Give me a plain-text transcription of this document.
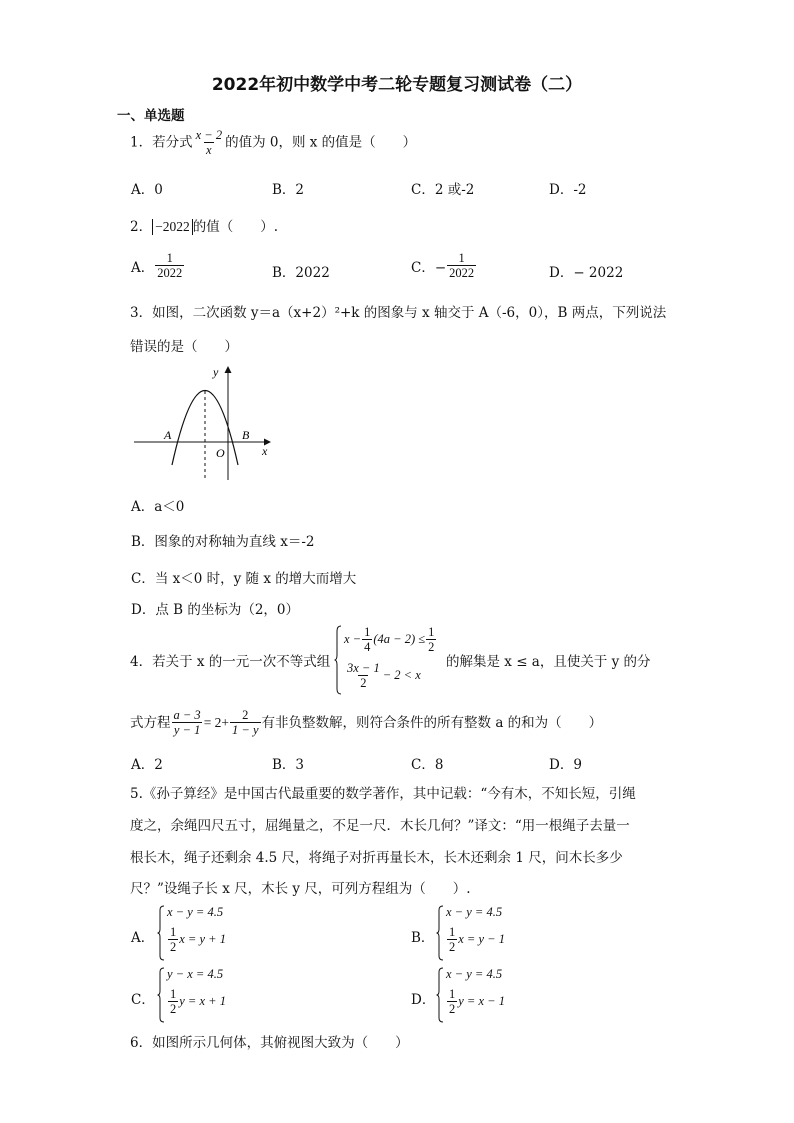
2022年初中数学中考二轮专题复习测试卷（二）
一、单选题
1．若分式 $\frac{x - 2}{x}$ 的值为 0，则 x 的值是（　　）
A．0	B．2	C．2 或-2	D．-2
2． −2022 的值（　　）.
A． $\frac{1}{2022}$	B．2022	C．− $\frac{1}{2022}$	D．− 2022
3．如图，二次函数 y＝a（x+2）²+k 的图象与 x 轴交于 A（-6，0），B 两点，下列说法
错误的是（　　）
y
x
A	B
O
A．a＜0
B．图象的对称轴为直线 x＝-2
C．当 x＜0 时，y 随 x 的增大而增大
D．点 B 的坐标为（2，0）
4．若关于 x 的一元一次不等式组
$x - \frac{1}{4} (4a - 2) \le \frac{1}{2}$
$\frac{3x - 1}{2} - 2 < x$
的解集是 x ≤ a，且使关于 y 的分
式方程 $\frac{a - 3}{y - 1} = 2+ \frac{2}{1 - y}$ 有非负整数解，则符合条件的所有整数 a 的和为（　　）
A．2	B．3	C．8	D．9
5.《孙子算经》是中国古代最重要的数学著作，其中记载：“今有木，不知长短，引绳
度之，余绳四尺五寸，屈绳量之，不足一尺．木长几何？”译文：“用一根绳子去量一
根长木，绳子还剩余 4.5 尺，将绳子对折再量长木，长木还剩余 1 尺，问木长多少
尺？”设绳子长 x 尺，木长 y 尺，可列方程组为（　　）.
A．
x − y = 4.5
$\frac{1}{2}$ x = y + 1	B．
x − y = 4.5
$\frac{1}{2}$ x = y − 1
C．
y − x = 4.5
$\frac{1}{2}$ y = x + 1	D．
x − y = 4.5
$\frac{1}{2}$ y = x − 1
6．如图所示几何体，其俯视图大致为（　　）
